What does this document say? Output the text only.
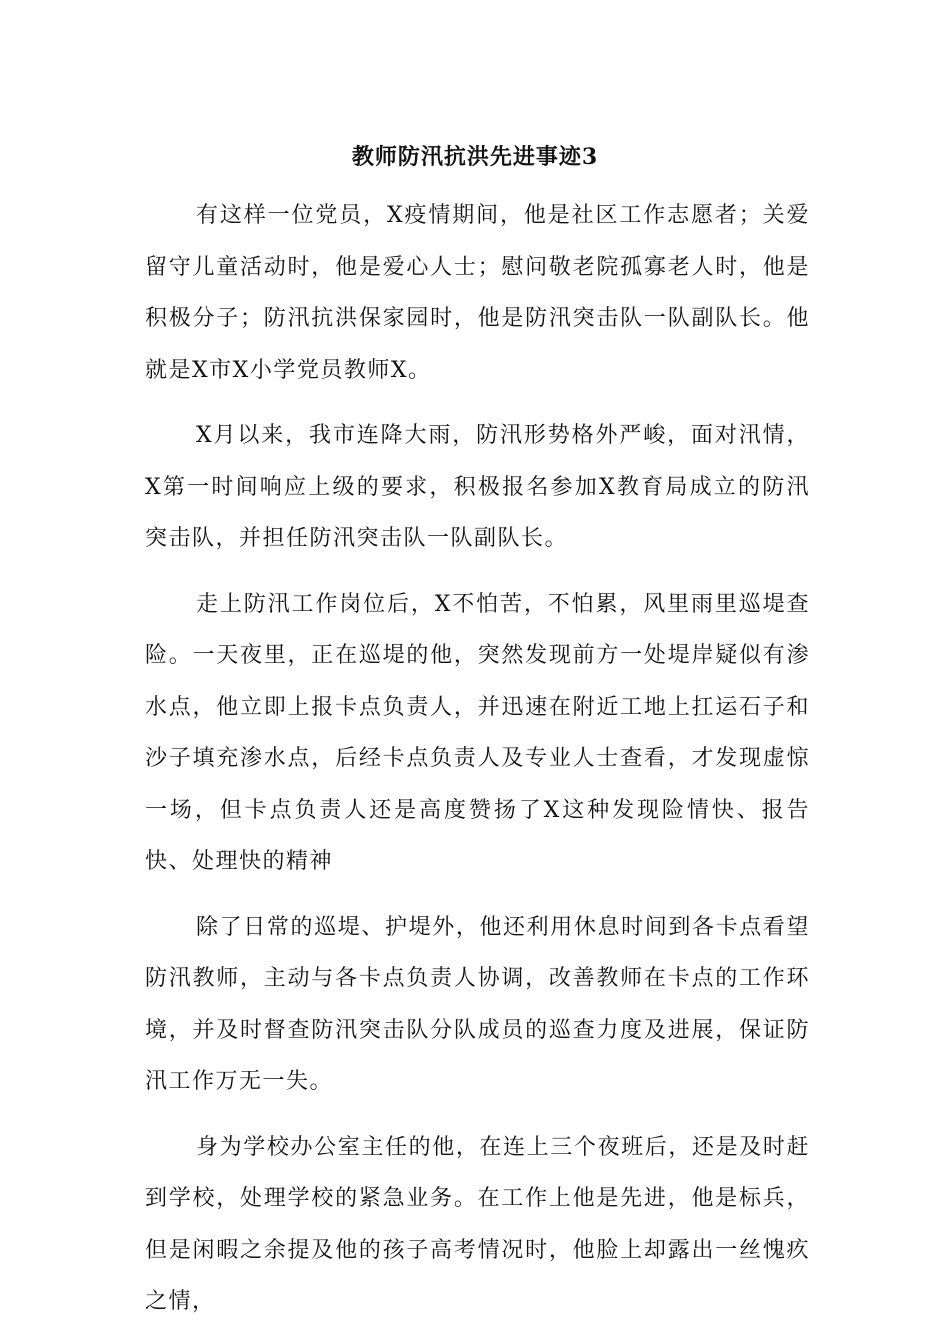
教师防汛抗洪先进事迹3

有这样一位党员，X疫情期间，他是社区工作志愿者；关爱留守儿童活动时，他是爱心人士；慰问敬老院孤寡老人时，他是积极分子；防汛抗洪保家园时，他是防汛突击队一队副队长。他就是X市X小学党员教师X。

X月以来，我市连降大雨，防汛形势格外严峻，面对汛情，X第一时间响应上级的要求，积极报名参加X教育局成立的防汛突击队，并担任防汛突击队一队副队长。

走上防汛工作岗位后，X不怕苦，不怕累，风里雨里巡堤查险。一天夜里，正在巡堤的他，突然发现前方一处堤岸疑似有渗水点，他立即上报卡点负责人，并迅速在附近工地上扛运石子和沙子填充渗水点，后经卡点负责人及专业人士查看，才发现虚惊一场，但卡点负责人还是高度赞扬了X这种发现险情快、报告快、处理快的精神

除了日常的巡堤、护堤外，他还利用休息时间到各卡点看望防汛教师，主动与各卡点负责人协调，改善教师在卡点的工作环境，并及时督查防汛突击队分队成员的巡查力度及进展，保证防汛工作万无一失。

身为学校办公室主任的他，在连上三个夜班后，还是及时赶到学校，处理学校的紧急业务。在工作上他是先进，他是标兵，但是闲暇之余提及他的孩子高考情况时，他脸上却露出一丝愧疚之情，
